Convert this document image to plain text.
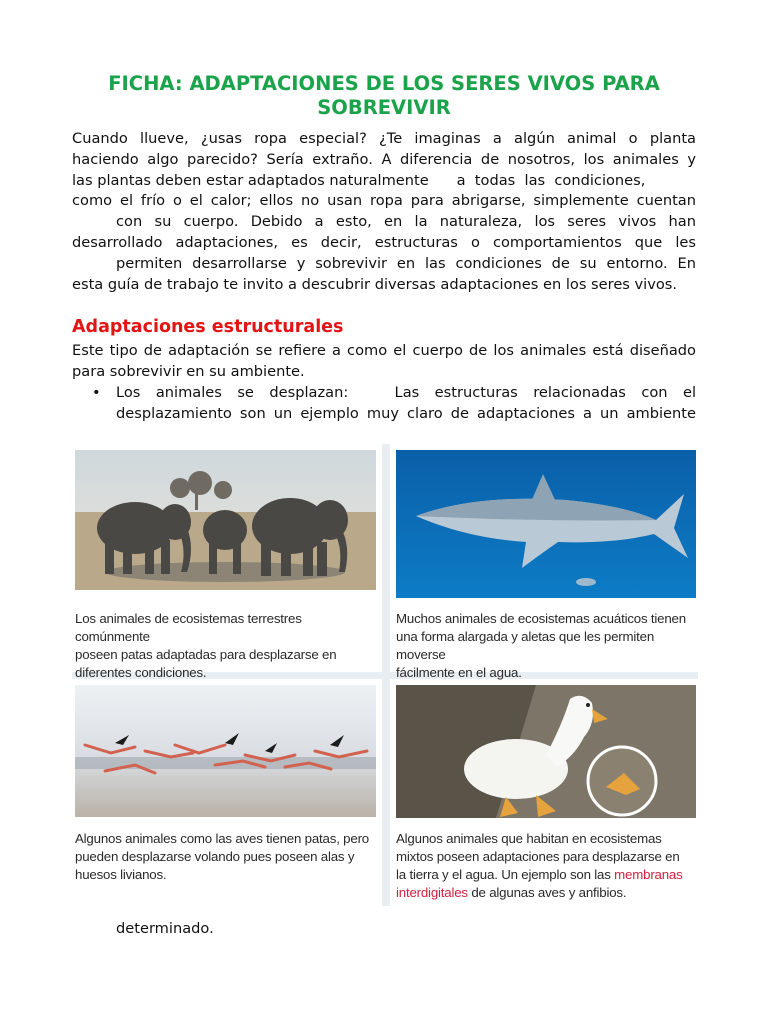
FICHA: ADAPTACIONES DE LOS SERES VIVOS PARA SOBREVIVIR
Cuando llueve, ¿usas ropa especial? ¿Te imaginas a algún animal o planta
haciendo algo parecido? Sería extraño. A diferencia de nosotros, los animales y
las plantas deben estar adaptados naturalmente      a  todas  las  condiciones,
como el frío o el calor; ellos no usan ropa para abrigarse, simplemente cuentan
con su cuerpo. Debido a esto, en la naturaleza, los seres vivos han
desarrollado adaptaciones, es decir, estructuras o comportamientos que les
permiten desarrollarse y sobrevivir en las condiciones de su entorno. En
esta guía de trabajo te invito a descubrir diversas adaptaciones en los seres vivos.
Adaptaciones estructurales
Este tipo de adaptación se refiere a como el cuerpo de los animales está diseñado
para sobrevivir en su ambiente.
• Los animales se desplazan:   Las estructuras relacionadas con el
desplazamiento son un ejemplo muy claro de adaptaciones a un ambiente
Los animales de ecosistemas terrestres comúnmente
poseen patas adaptadas para desplazarse en
diferentes condiciones.
Muchos animales de ecosistemas acuáticos tienen
una forma alargada y aletas que les permiten moverse
fácilmente en el agua.
Algunos animales como las aves tienen patas, pero
pueden desplazarse volando pues poseen alas y
huesos livianos.
Algunos animales que habitan en ecosistemas
mixtos poseen adaptaciones para desplazarse en
la tierra y el agua. Un ejemplo son las membranas
interdigitales de algunas aves y anfibios.
determinado.
